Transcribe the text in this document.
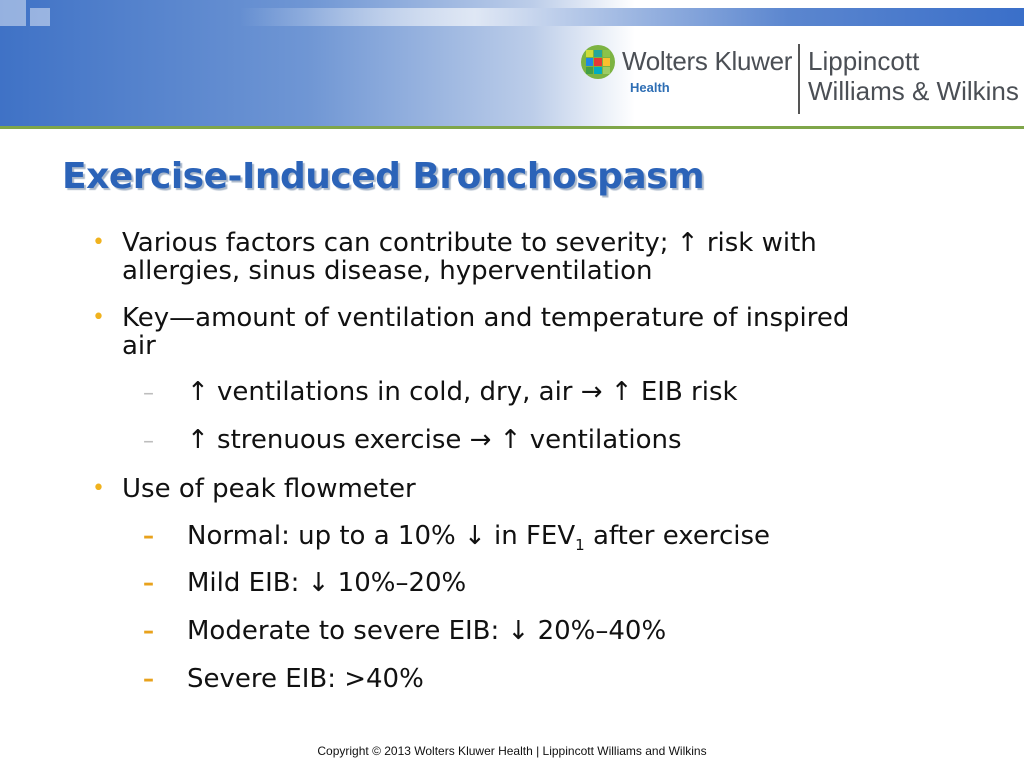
Wolters Kluwer
Health
Lippincott
Williams & Wilkins
Exercise-Induced Bronchospasm
• Various factors can contribute to severity; ↑ risk with
allergies, sinus disease, hyperventilation
• Key—amount of ventilation and temperature of inspired
air
– ↑ ventilations in cold, dry, air → ↑ EIB risk
– ↑ strenuous exercise → ↑ ventilations
• Use of peak flowmeter
– Normal: up to a 10% ↓ in $FEV_1$ after exercise
– Mild EIB: ↓ 10%–20%
– Moderate to severe EIB: ↓ 20%–40%
– Severe EIB: >40%
Copyright © 2013 Wolters Kluwer Health | Lippincott Williams and Wilkins
